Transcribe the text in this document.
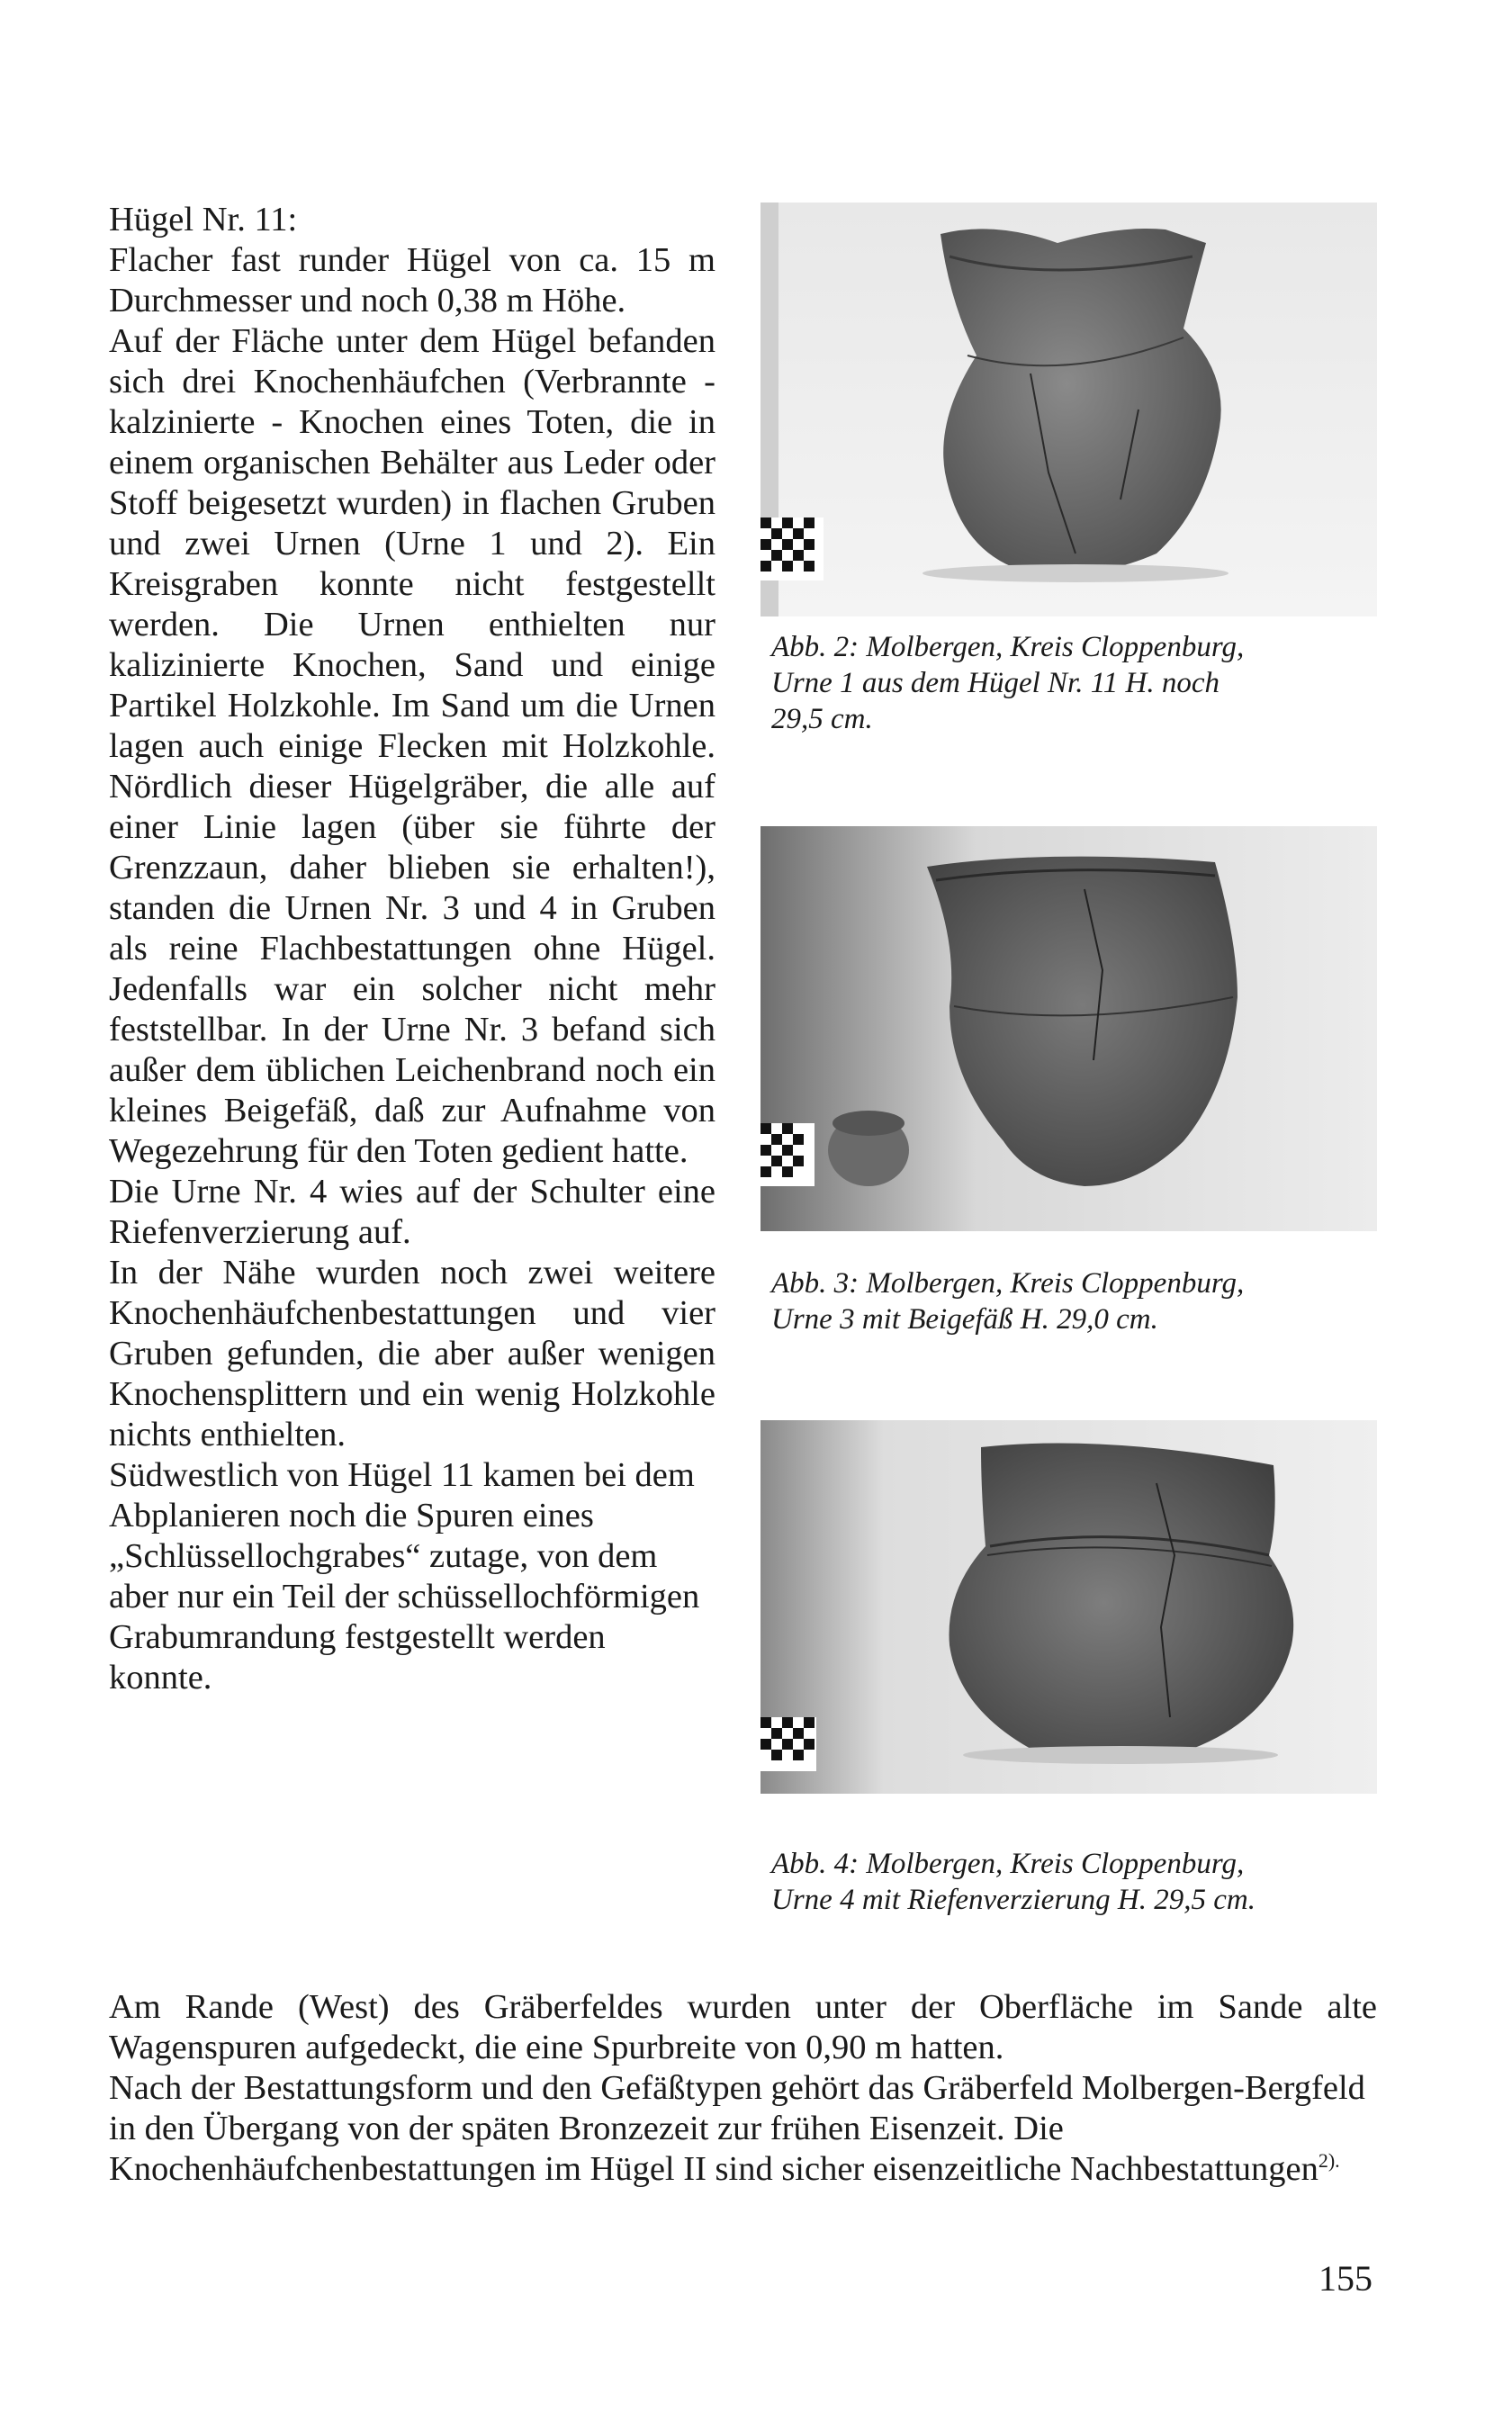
Hügel Nr. 11:

Flacher fast runder Hügel von ca. 15 m Durchmesser und noch 0,38 m Höhe.

Auf der Fläche unter dem Hügel befanden sich drei Knochenhäufchen (Verbrannte - kalzinierte - Knochen eines Toten, die in einem organischen Behälter aus Leder oder Stoff beigesetzt wurden) in flachen Gruben und zwei Urnen (Urne 1 und 2). Ein Kreisgraben konnte nicht festgestellt werden. Die Urnen enthielten nur kalizinierte Knochen, Sand und einige Partikel Holzkohle. Im Sand um die Urnen lagen auch einige Flecken mit Holzkohle. Nördlich dieser Hügelgräber, die alle auf einer Linie lagen (über sie führte der Grenzzaun, daher blieben sie erhalten!), standen die Urnen Nr. 3 und 4 in Gruben als reine Flachbestattungen ohne Hügel. Jedenfalls war ein solcher nicht mehr feststellbar. In der Urne Nr. 3 befand sich außer dem üblichen Leichenbrand noch ein kleines Beigefäß, daß zur Aufnahme von Wegezehrung für den Toten gedient hatte.

Die Urne Nr. 4 wies auf der Schulter eine Riefenverzierung auf.

In der Nähe wurden noch zwei weitere Knochenhäufchenbestattungen und vier Gruben gefunden, die aber außer wenigen Knochensplittern und ein wenig Holzkohle nichts enthielten.

Südwestlich von Hügel 11 kamen bei dem Abplanieren noch die Spuren eines „Schlüssellochgrabes“ zutage, von dem aber nur ein Teil der schüssellochförmigen Grabumrandung festgestellt werden konnte.

Abb. 2: Molbergen, Kreis Cloppenburg,
Urne 1 aus dem Hügel Nr. 11 H. noch
29,5 cm.
Abb. 3: Molbergen, Kreis Cloppenburg,
Urne 3 mit Beigefäß H. 29,0 cm.
Abb. 4: Molbergen, Kreis Cloppenburg,
Urne 4 mit Riefenverzierung H. 29,5 cm.

Am Rande (West) des Gräberfeldes wurden unter der Oberfläche im Sande alte Wagenspuren aufgedeckt, die eine Spurbreite von 0,90 m hatten.

Nach der Bestattungsform und den Gefäßtypen gehört das Gräberfeld Molbergen-Bergfeld in den Übergang von der späten Bronzezeit zur frühen Eisenzeit. Die Knochenhäufchenbestattungen im Hügel II sind sicher eisenzeitliche Nachbestattungen$^{2).}$

155
